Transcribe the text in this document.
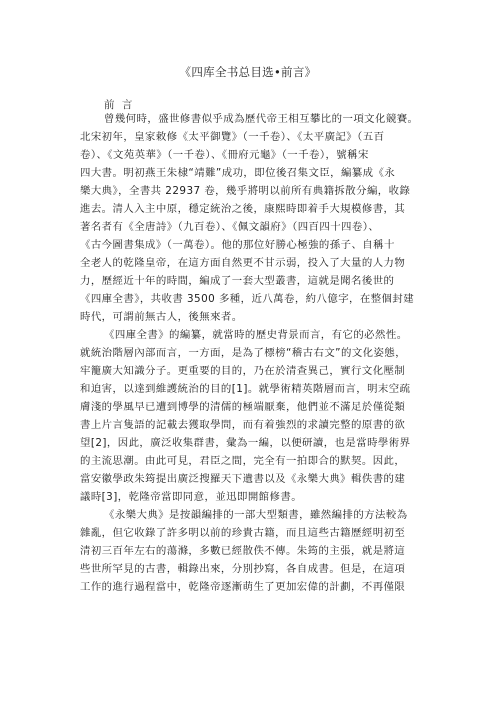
《四库全书总目选•前言》
前 言
曾幾何時，盛世修書似乎成為歷代帝王相互攀比的一項文化競賽。
北宋初年，皇家敕修《太平御覽》（一千卷）、《太平廣記》（五百
卷）、《文苑英華》（一千卷）、《冊府元龜》（一千卷），號稱宋
四大書。明初燕王朱棣“靖難”成功，即位後召集文臣，編纂成《永
樂大典》，全書共 22937 卷，幾乎將明以前所有典籍拆散分編，收錄
進去。清人入主中原，穩定統治之後，康熙時即着手大規模修書，其
著名者有《全唐詩》（九百卷）、《佩文韻府》（四百四十四卷）、
《古今圖書集成》（一萬卷）。他的那位好勝心極強的孫子、自稱十
全老人的乾隆皇帝，在這方面自然更不甘示弱，投入了大量的人力物
力，歷經近十年的時間，編成了一套大型叢書，這就是聞名後世的
《四庫全書》，共收書 3500 多種，近八萬卷，約八億字，在整個封建
時代，可謂前無古人，後無來者。
《四庫全書》的編纂，就當時的歷史背景而言，有它的必然性。
就統治階層內部而言，一方面，是為了標榜“稽古右文”的文化姿態，
牢籠廣大知識分子。更重要的目的，乃在於清查異己，實行文化壓制
和迫害，以達到維護統治的目的[1]。就學術精英階層而言，明末空疏
膚淺的學風早已遭到博學的清儒的極端厭棄，他們並不滿足於僅從類
書上片言隻語的記載去獲取學問，而有着強烈的求讀完整的原書的欲
望[2]，因此，廣泛收集群書，彙為一編，以便研讀，也是當時學術界
的主流思潮。由此可見，君臣之間，完全有一拍即合的默契。因此，
當安徽學政朱筠提出廣泛搜羅天下遺書以及《永樂大典》輯佚書的建
議時[3]，乾隆帝當即同意，並迅即開館修書。
《永樂大典》是按韻編排的一部大型類書，雖然編排的方法較為
雜亂，但它收錄了許多明以前的珍貴古籍，而且這些古籍歷經明初至
清初三百年左右的蕩滌，多數已經散佚不傳。朱筠的主張，就是將這
些世所罕見的古書，輯錄出來，分別抄寫，各自成書。但是，在這項
工作的進行過程當中，乾隆帝逐漸萌生了更加宏偉的計劃，不再僅限
